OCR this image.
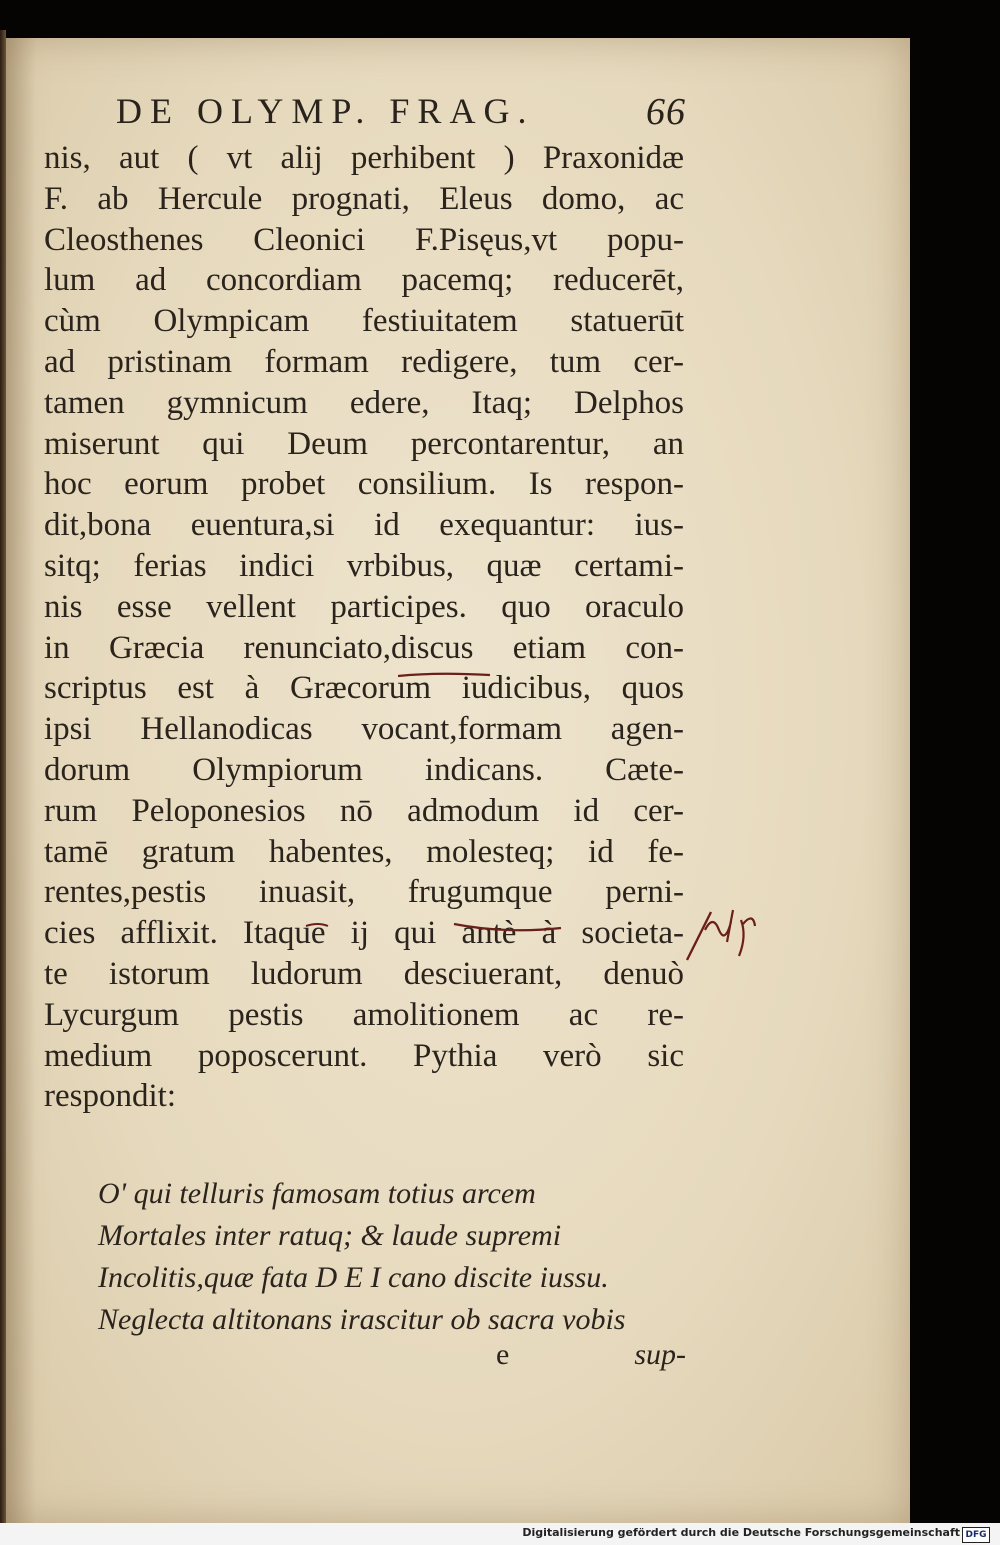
DE OLYMP. FRAG.	66
nis, aut ( vt alij perhibent ) Praxonidæ
F. ab Hercule prognati, Eleus domo, ac
Cleosthenes Cleonici F.Pisęus,vt popu-
lum ad concordiam pacemq; reducerēt,
cùm Olympicam festiuitatem statuerūt
ad pristinam formam redigere, tum cer-
tamen gymnicum edere, Itaq; Delphos
miserunt qui Deum percontarentur, an
hoc eorum probet consilium. Is respon-
dit,bona euentura,si id exequantur: ius-
sitq; ferias indici vrbibus, quæ certami-
nis esse vellent participes. quo oraculo
in Græcia renunciato,discus etiam con-
scriptus est à Græcorum iudicibus, quos
ipsi Hellanodicas vocant,formam agen-
dorum Olympiorum indicans. Cæte-
rum Peloponesios nō admodum id cer-
tamē gratum habentes, molesteq; id fe-
rentes,pestis inuasit, frugumque perni-
cies afflixit. Itaque ij qui antè à societa-
te istorum ludorum desciuerant, denuò
Lycurgum pestis amolitionem ac re-
medium poposcerunt. Pythia verò sic
respondit:
O' qui telluris famosam totius arcem
Mortales inter ratuq; & laude supremi
Incolitis,quæ fata D E I cano discite iussu.
Neglecta altitonans irascitur ob sacra vobis
e	sup-
Digitalisierung gefördert durch die Deutsche Forschungsgemeinschaft DFG
